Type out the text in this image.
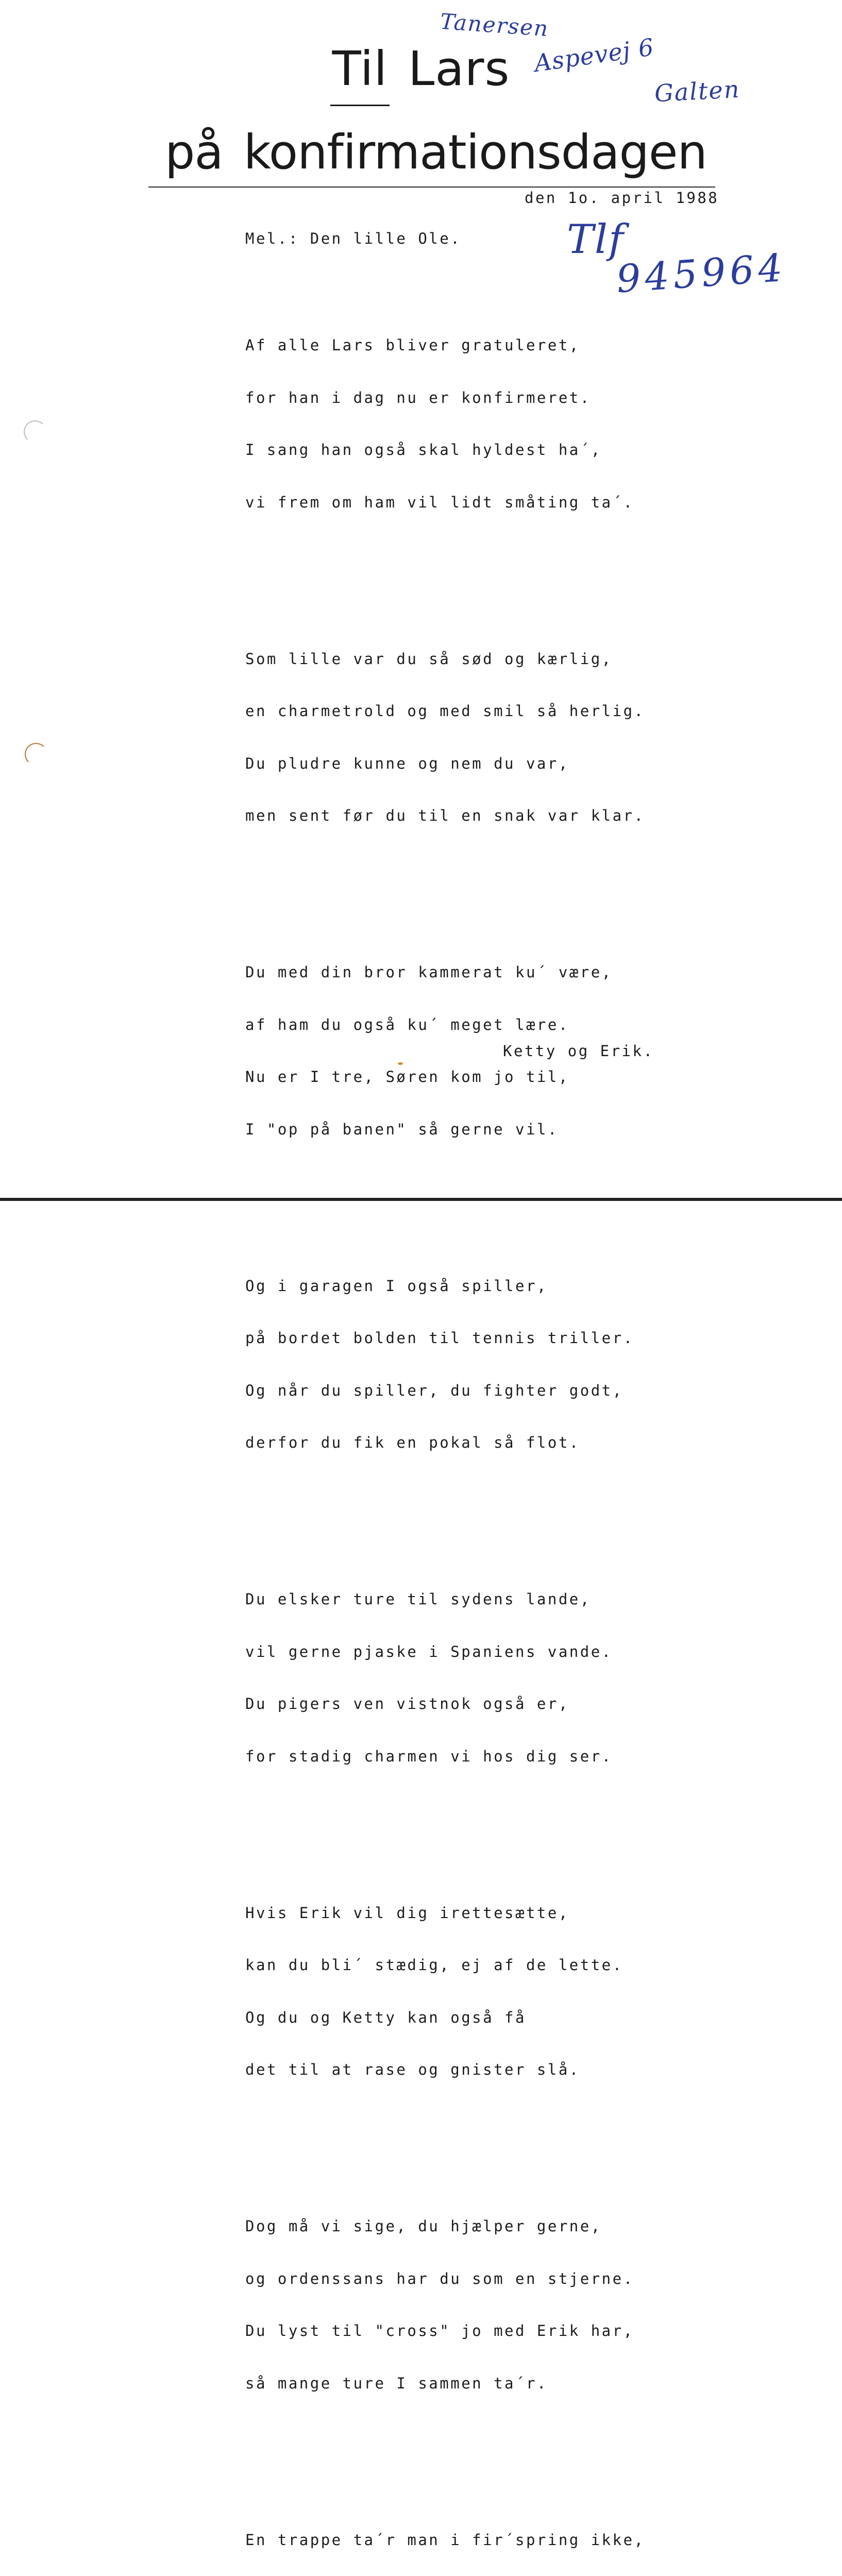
Til Lars
på konfirmationsdagen
den 1o. april 1988
Mel.: Den lille Ole.

Af alle Lars bliver gratuleret,

for han i dag nu er konfirmeret.

I sang han også skal hyldest ha´,

vi frem om ham vil lidt småting ta´.

Som lille var du så sød og kærlig,

en charmetrold og med smil så herlig.

Du pludre kunne og nem du var,

men sent før du til en snak var klar.

Du med din bror kammerat ku´ være,

af ham du også ku´ meget lære.

Nu er I tre, Søren kom jo til,

I "op på banen" så gerne vil.

Og i garagen I også spiller,

på bordet bolden til tennis triller.

Og når du spiller, du fighter godt,

derfor du fik en pokal så flot.

Du elsker ture til sydens lande,

vil gerne pjaske i Spaniens vande.

Du pigers ven vistnok også er,

for stadig charmen vi hos dig ser.

Hvis Erik vil dig irettesætte,

kan du bli´ stædig, ej af de lette.

Og du og Ketty kan også få

det til at rase og gnister slå.

Dog må vi sige, du hjælper gerne,

og ordenssans har du som en stjerne.

Du lyst til "cross" jo med Erik har,

så mange ture I sammen ta´r.

En trappe ta´r man i fir´spring ikke,

Ketty og Erik.
Tanersen
Aspevej 6
Galten
Tlf
945964
